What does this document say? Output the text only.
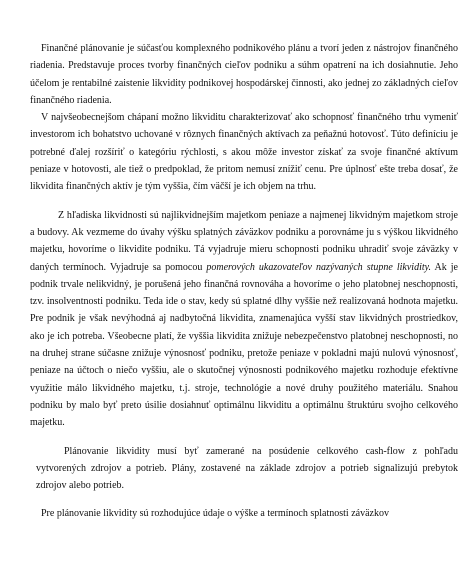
Finančné plánovanie je súčasťou komplexného podnikového plánu a tvorí jeden z nástrojov finančného riadenia. Predstavuje proces tvorby finančných cieľov podniku a súhm opatrení na ich dosiahnutie. Jeho účelom je rentabilné zaistenie likvidity podnikovej hospodárskej činnosti, ako jednej zo základných cieľov finančného riadenia.

V najvšeobecnejšom chápaní možno likviditu charakterizovať ako schopnosť finančného trhu vymeniť investorom ich bohatstvo uchované v rôznych finančných aktívach za peňažnú hotovosť. Túto definíciu je potrebné ďalej rozšíriť o kategóriu rýchlosti, s akou môže investor získať za svoje finančné aktívum peniaze v hotovosti, ale tiež o predpoklad, že pritom nemusí znížiť cenu. Pre úplnosť ešte treba dosať, že likvidita finančných aktív je tým vyššia, čím väčší je ich objem na trhu.

Z hľadiska likvidnosti sú najlikvidnejším majetkom peniaze a najmenej likvidným majetkom stroje a budovy. Ak vezmeme do úvahy výšku splatných záväzkov podniku a porovnáme ju s výškou likvidného majetku, hovoríme o likvidite podniku. Tá vyjadruje mieru schopnosti podniku uhradiť svoje záväzky v daných termínoch. Vyjadruje sa pomocou pomerových ukazovateľov nazývaných stupne likvidity. Ak je podnik trvale nelikvidný, je porušená jeho finančná rovnováha a hovoríme o jeho platobnej neschopnosti, tzv. insolventnosti podniku. Teda ide o stav, kedy sú splatné dlhy vyššie než realizovaná hodnota majetku. Pre podnik je však nevýhodná aj nadbytočná likvidita, znamenajúca vyšší stav likvidných prostriedkov, ako je ich potreba. Všeobecne platí, že vyššia likvidita znižuje nebezpečenstvo platobnej neschopnosti, no na druhej strane súčasne znižuje výnosnosť podniku, pretože peniaze v pokladni majú nulovú výnosnosť, peniaze na účtoch o niečo vyššiu, ale o skutočnej výnosnosti podnikového majetku rozhoduje efektívne využitie málo likvidného majetku, t.j. stroje, technológie a nové druhy použitého materiálu. Snahou podniku by malo byť preto úsilie dosiahnuť optimálnu likviditu a optimálnu štruktúru svojho celkového majetku.

Plánovanie likvidity musí byť zamerané na posúdenie celkového cash-flow z pohľadu vytvorených zdrojov a potrieb. Plány, zostavené na základe zdrojov a potrieb signalizujú prebytok zdrojov alebo potrieb.

Pre plánovanie likvidity sú rozhodujúce údaje o výške a termínoch splatnosti záväzkov
